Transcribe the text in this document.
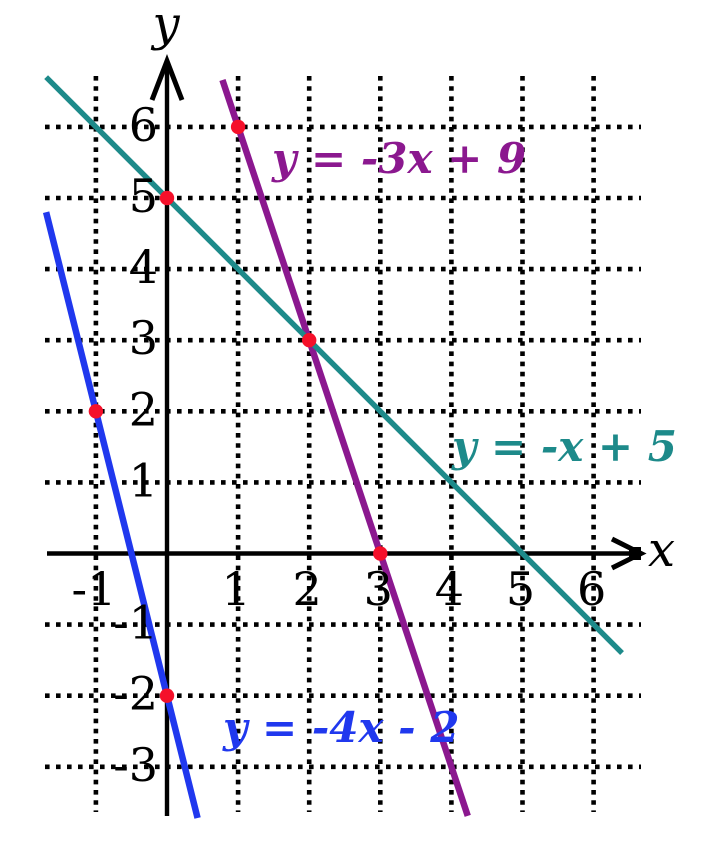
-1 1 2 3 4 5 6
6
5
4
3
2
1
-1
-2
-3
y = -3x + 9
y = -x + 5
y = -4x - 2
y
x
